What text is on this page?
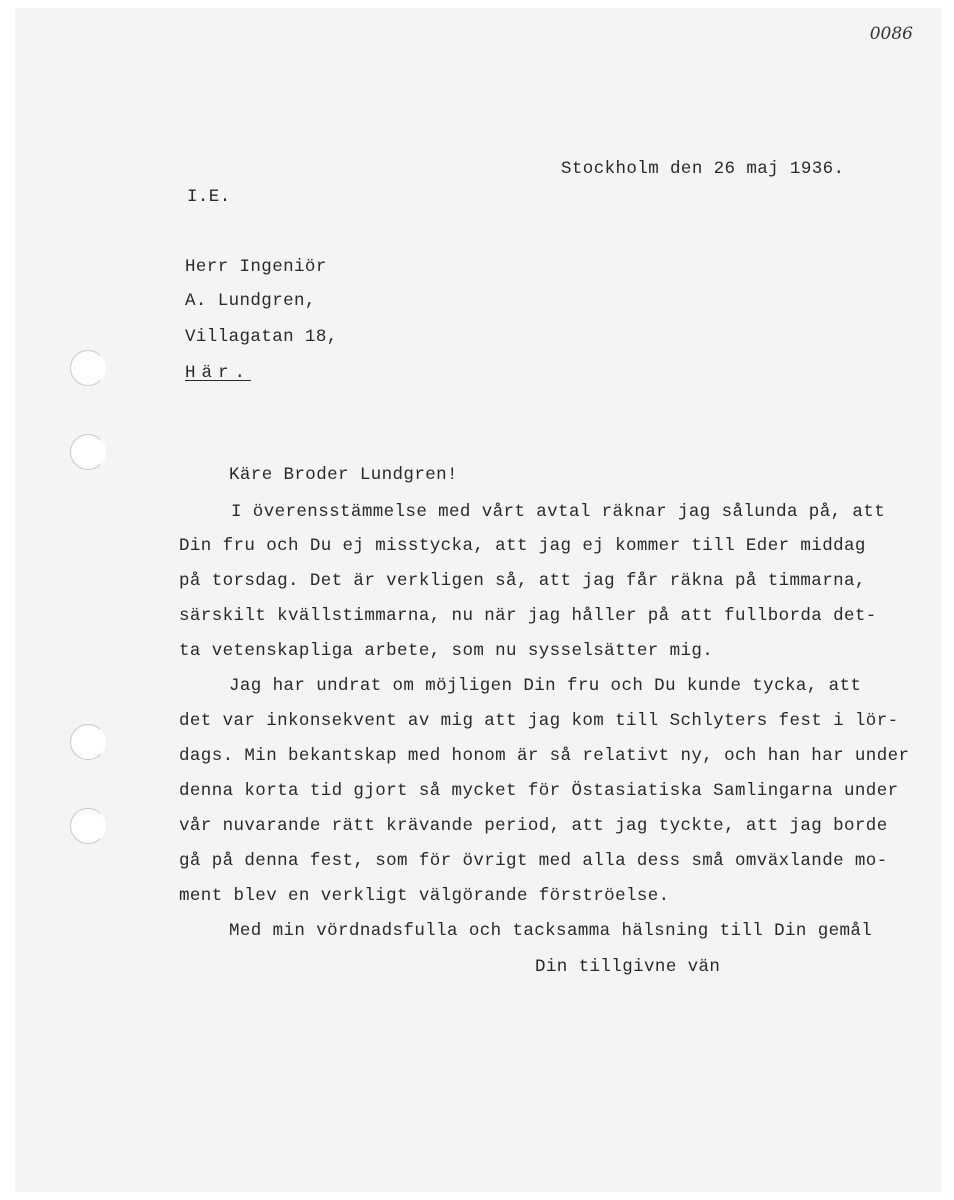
0086
Stockholm den 26 maj 1936.
I.E.
Herr Ingeniör
A. Lundgren,
Villagatan 18,
Här.
Käre Broder Lundgren!
I överensstämmelse med vårt avtal räknar jag sålunda på, att
Din fru och Du ej misstycka, att jag ej kommer till Eder middag
på torsdag. Det är verkligen så, att jag får räkna på timmarna,
särskilt kvällstimmarna, nu när jag håller på att fullborda det-
ta vetenskapliga arbete, som nu sysselsätter mig.
Jag har undrat om möjligen Din fru och Du kunde tycka, att
det var inkonsekvent av mig att jag kom till Schlyters fest i lör-
dags. Min bekantskap med honom är så relativt ny, och han har under
denna korta tid gjort så mycket för Östasiatiska Samlingarna under
vår nuvarande rätt krävande period, att jag tyckte, att jag borde
gå på denna fest, som för övrigt med alla dess små omväxlande mo-
ment blev en verkligt välgörande förströelse.
Med min vördnadsfulla och tacksamma hälsning till Din gemål
Din tillgivne vän
